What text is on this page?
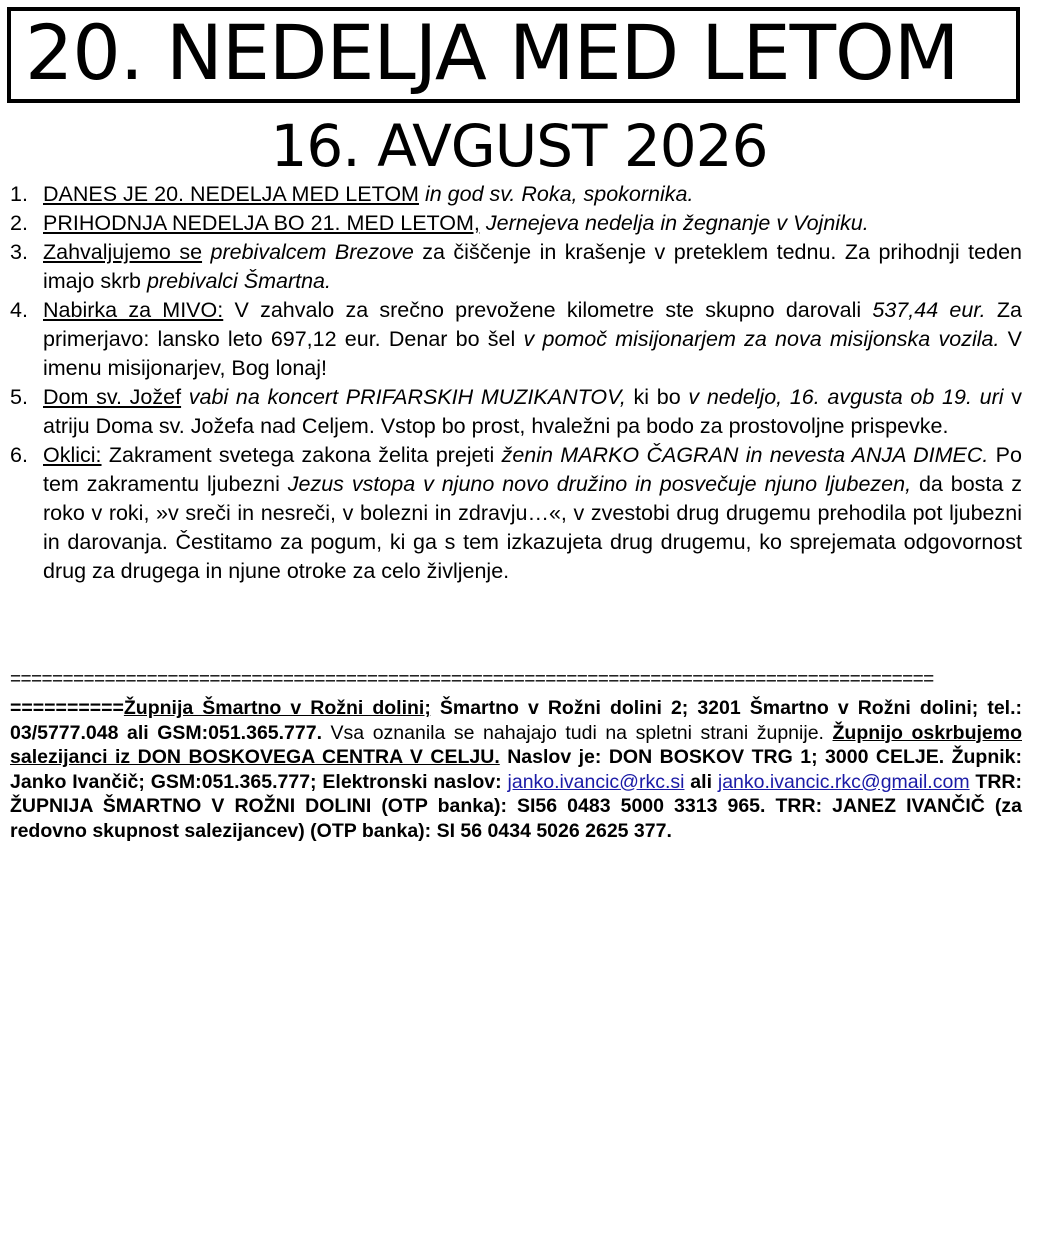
20. NEDELJA MED LETOM
16. AVGUST 2026
1. DANES JE 20. NEDELJA MED LETOM in god sv. Roka, spokornika.
2. PRIHODNJA NEDELJA BO 21. MED LETOM, Jernejeva nedelja in žegnanje v Vojniku.
3. Zahvaljujemo se prebivalcem Brezove za čiščenje in krašenje v preteklem tednu. Za prihodnji teden imajo skrb prebivalci Šmartna.
4. Nabirka za MIVO: V zahvalo za srečno prevožene kilometre ste skupno darovali 537,44 eur. Za primerjavo: lansko leto 697,12 eur. Denar bo šel v pomoč misijonarjem za nova misijonska vozila. V imenu misijonarjev, Bog lonaj!
5. Dom sv. Jožef vabi na koncert PRIFARSKIH MUZIKANTOV, ki bo v nedeljo, 16. avgusta ob 19. uri v atriju Doma sv. Jožefa nad Celjem. Vstop bo prost, hvaležni pa bodo za prostovoljne prispevke.
6. Oklici: Zakrament svetega zakona želita prejeti ženin MARKO ČAGRAN in nevesta ANJA DIMEC. Po tem zakramentu ljubezni Jezus vstopa v njuno novo družino in posvečuje njuno ljubezen, da bosta z roko v roki, »v sreči in nesreči, v bolezni in zdravju…«, v zvestobi drug drugemu prehodila pot ljubezni in darovanja. Čestitamo za pogum, ki ga s tem izkazujeta drug drugemu, ko sprejemata odgovornost drug za drugega in njune otroke za celo življenje.
========================================================================================
==========Župnija Šmartno v Rožni dolini; Šmartno v Rožni dolini 2; 3201 Šmartno v Rožni dolini; tel.: 03/5777.048 ali GSM:051.365.777. Vsa oznanila se nahajajo tudi na spletni strani župnije. Župnijo oskrbujemo salezijanci iz DON BOSKOVEGA CENTRA V CELJU. Naslov je: DON BOSKOV TRG 1; 3000 CELJE. Župnik: Janko Ivančič; GSM:051.365.777; Elektronski naslov: janko.ivancic@rkc.si ali janko.ivancic.rkc@gmail.com TRR: ŽUPNIJA ŠMARTNO V ROŽNI DOLINI (OTP banka): SI56 0483 5000 3313 965. TRR: JANEZ IVANČIČ (za redovno skupnost salezijancev) (OTP banka): SI 56 0434 5026 2625 377.
